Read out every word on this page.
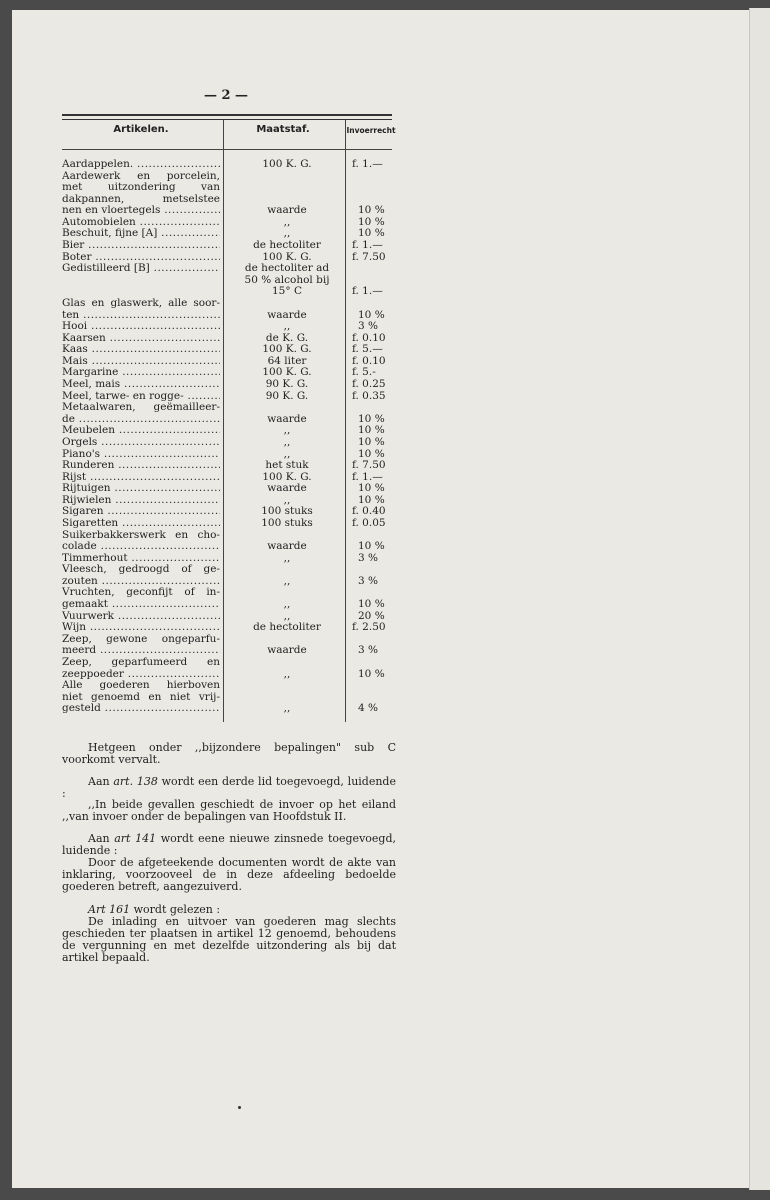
— 2 —
Artikelen.	Maatstaf.	Invoerrecht
Aardappelen. .....	100 K. G.	f. 1.—
Aardewerk en porcelein,
met uitzondering van
dakpannen, metselstee
nen en vloertegels .....	waarde	10 %
Automobielen .....	,,	10 %
Beschuit, fijne [A] .....	,,	10 %
Bier .....	de hectoliter	f. 1.—
Boter .....	100 K. G.	f. 7.50
Gedistilleerd [B] .....	de hectoliter ad
50 % alcohol bij
15° C	f. 1.—
Glas en glaswerk, alle soor-
ten .....	waarde	10 %
Hooi .....	,,	3 %
Kaarsen .....	de K. G.	f. 0.10
Kaas .....	100 K. G.	f. 5.—
Mais .....	64 liter	f. 0.10
Margarine .....	100 K. G.	f. 5.-
Meel, mais .....	90 K. G.	f. 0.25
Meel, tarwe- en rogge- .....	90 K. G.	f. 0.35
Metaalwaren, geëmailleer-
de .....	waarde	10 %
Meubelen .....	,,	10 %
Orgels .....	,,	10 %
Piano's .....	,,	10 %
Runderen .....	het stuk	f. 7.50
Rijst .....	100 K. G.	f. 1.—
Rijtuigen .....	waarde	10 %
Rijwielen .....	,,	10 %
Sigaren .....	100 stuks	f. 0.40
Sigaretten .....	100 stuks	f. 0.05
Suikerbakkerswerk en cho-
colade .....	waarde	10 %
Timmerhout .....	,,	3 %
Vleesch, gedroogd of ge-
zouten .....	,,	3 %
Vruchten, geconfijt of in-
gemaakt .....	,,	10 %
Vuurwerk .....	,,	20 %
Wijn .....	de hectoliter	f. 2.50
Zeep, gewone ongeparfu-
meerd .....	waarde	3 %
Zeep, geparfumeerd en
zeeppoeder .....	,,	10 %
Alle goederen hierboven
niet genoemd en niet vrij-
gesteld .....	,,	4 %

Hetgeen onder ,,bijzondere bepalingen" sub C voorkomt vervalt.

Aan art. 138 wordt een derde lid toegevoegd, luidende :

,,In beide gevallen geschiedt de invoer op het eiland ,,van invoer onder de bepalingen van Hoofdstuk II.

Aan art 141 wordt eene nieuwe zinsnede toegevoegd, luidende :

Door de afgeteekende documenten wordt de akte van inklaring, voorzooveel de in deze afdeeling bedoelde goederen betreft, aangezuiverd.

Art 161 wordt gelezen :

De inlading en uitvoer van goederen mag slechts geschieden ter plaatsen in artikel 12 genoemd, behoudens de vergunning en met dezelfde uitzondering als bij dat artikel bepaald.
